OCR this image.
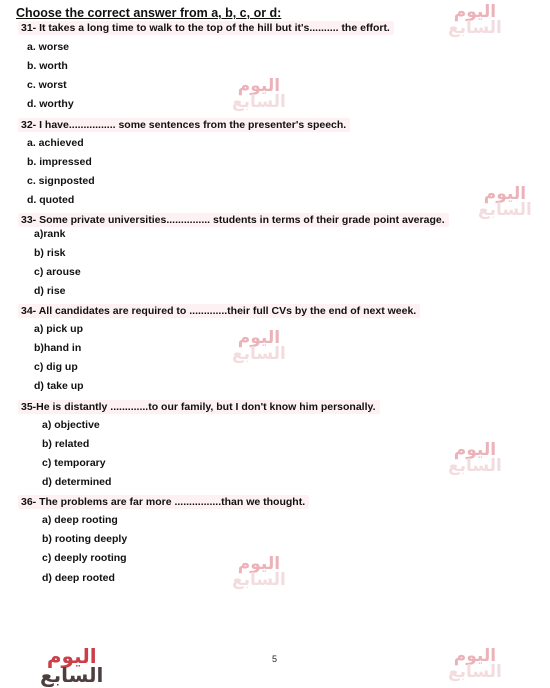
Choose the correct answer from a, b, c, or d:
31- It takes a long time to walk to the top of the hill but it's.......... the effort.
a. worse
b. worth
c. worst
d. worthy
32- I have................ some sentences from the presenter's speech.
a. achieved
b. impressed
c. signposted
d. quoted
33- Some private universities............... students in terms of their grade point average.
a)rank
b) risk
c) arouse
d) rise
34- All candidates are required to .............their full CVs by the end of next week.
a) pick up
b)hand in
c) dig up
d) take up
35-He is distantly .............to our family, but I don't know him personally.
a) objective
b) related
c) temporary
d) determined
36- The problems are far more ................than we thought.
a) deep rooting
b) rooting deeply
c) deeply rooting
d) deep rooted
5
اليوم
السابع
اليوم
السابع
اليوم
السابع
اليوم
السابع
اليوم
السابع
اليوم
السابع
اليوم
السابع
اليوم
السابع
